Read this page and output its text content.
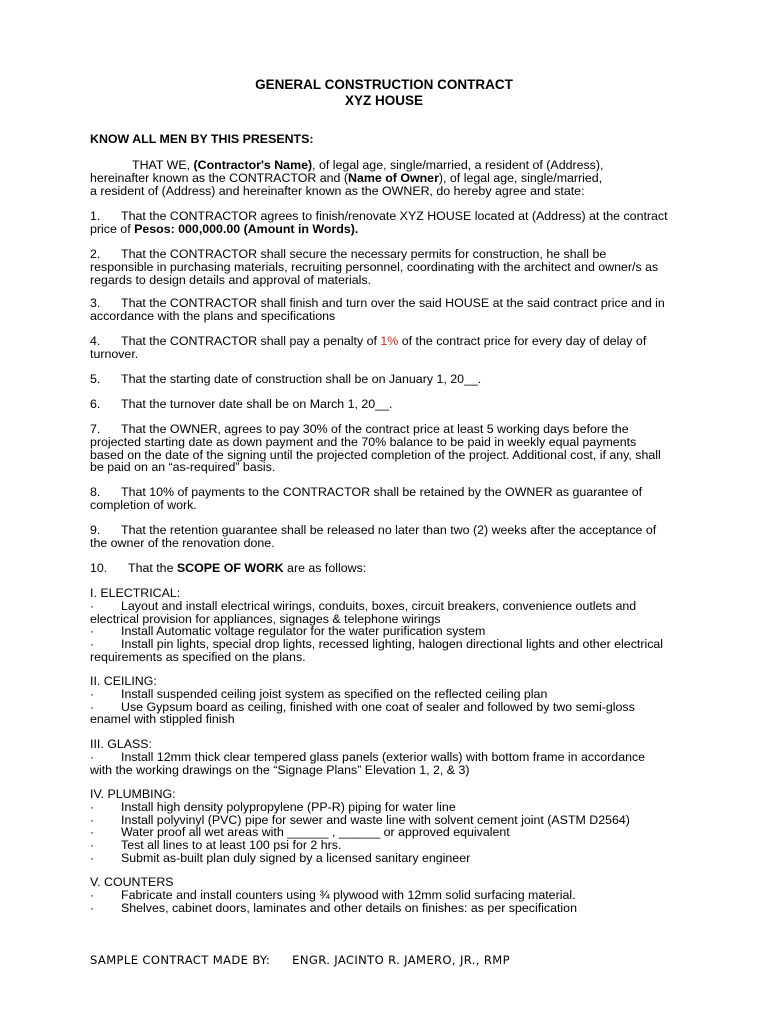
GENERAL CONSTRUCTION CONTRACT
XYZ HOUSE
KNOW ALL MEN BY THIS PRESENTS:
THAT WE, (Contractor's Name), of legal age, single/married, a resident of (Address),
hereinafter known as the CONTRACTOR and (Name of Owner), of legal age, single/married,
a resident of (Address) and hereinafter known as the OWNER, do hereby agree and state:
1. That the CONTRACTOR agrees to finish/renovate XYZ HOUSE located at (Address) at the contract
price of Pesos: 000,000.00 (Amount in Words).
2. That the CONTRACTOR shall secure the necessary permits for construction, he shall be
responsible in purchasing materials, recruiting personnel, coordinating with the architect and owner/s as
regards to design details and approval of materials.
3. That the CONTRACTOR shall finish and turn over the said HOUSE at the said contract price and in
accordance with the plans and specifications
4. That the CONTRACTOR shall pay a penalty of 1% of the contract price for every day of delay of
turnover.
5. That the starting date of construction shall be on January 1, 20__.
6. That the turnover date shall be on March 1, 20__.
7. That the OWNER, agrees to pay 30% of the contract price at least 5 working days before the
projected starting date as down payment and the 70% balance to be paid in weekly equal payments
based on the date of the signing until the projected completion of the project. Additional cost, if any, shall
be paid on an “as-required” basis.
8. That 10% of payments to the CONTRACTOR shall be retained by the OWNER as guarantee of
completion of work.
9. That the retention guarantee shall be released no later than two (2) weeks after the acceptance of
the owner of the renovation done.
10. That the SCOPE OF WORK are as follows:
I. ELECTRICAL:
·	Layout and install electrical wirings, conduits, boxes, circuit breakers, convenience outlets and
electrical provision for appliances, signages & telephone wirings
·	Install Automatic voltage regulator for the water purification system
·	Install pin lights, special drop lights, recessed lighting, halogen directional lights and other electrical
requirements as specified on the plans.
II. CEILING:
·	Install suspended ceiling joist system as specified on the reflected ceiling plan
·	Use Gypsum board as ceiling, finished with one coat of sealer and followed by two semi-gloss
enamel with stippled finish
III. GLASS:
·	Install 12mm thick clear tempered glass panels (exterior walls) with bottom frame in accordance
with the working drawings on the “Signage Plans” Elevation 1, 2, & 3)
IV. PLUMBING:
·	Install high density polypropylene (PP-R) piping for water line
·	Install polyvinyl (PVC) pipe for sewer and waste line with solvent cement joint (ASTM D2564)
·	Water proof all wet areas with ______ , ______ or approved equivalent
·	Test all lines to at least 100 psi for 2 hrs.
·	Submit as-built plan duly signed by a licensed sanitary engineer
V. COUNTERS
·	Fabricate and install counters using ¾ plywood with 12mm solid surfacing material.
·	Shelves, cabinet doors, laminates and other details on finishes: as per specification
SAMPLE CONTRACT MADE BY: ENGR. JACINTO R. JAMERO, JR., RMP
